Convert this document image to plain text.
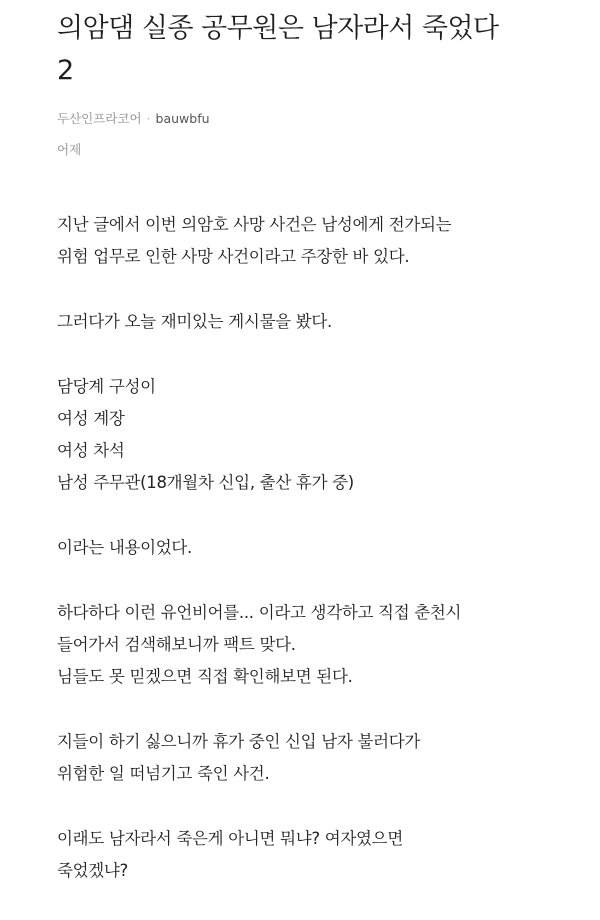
의암댐 실종 공무원은 남자라서 죽었다
2
두산인프라코어 · bauwbfu
어제

지난 글에서 이번 의암호 사망 사건은 남성에게 전가되는
위험 업무로 인한 사망 사건이라고 주장한 바 있다.

그러다가 오늘 재미있는 게시물을 봤다.

담당계 구성이
여성 계장
여성 차석
남성 주무관(18개월차 신입, 출산 휴가 중)

이라는 내용이었다.

하다하다 이런 유언비어를... 이라고 생각하고 직접 춘천시
들어가서 검색해보니까 팩트 맞다.
님들도 못 믿겠으면 직접 확인해보면 된다.

지들이 하기 싫으니까 휴가 중인 신입 남자 불러다가
위험한 일 떠넘기고 죽인 사건.

이래도 남자라서 죽은게 아니면 뭐냐? 여자였으면
죽었겠냐?
